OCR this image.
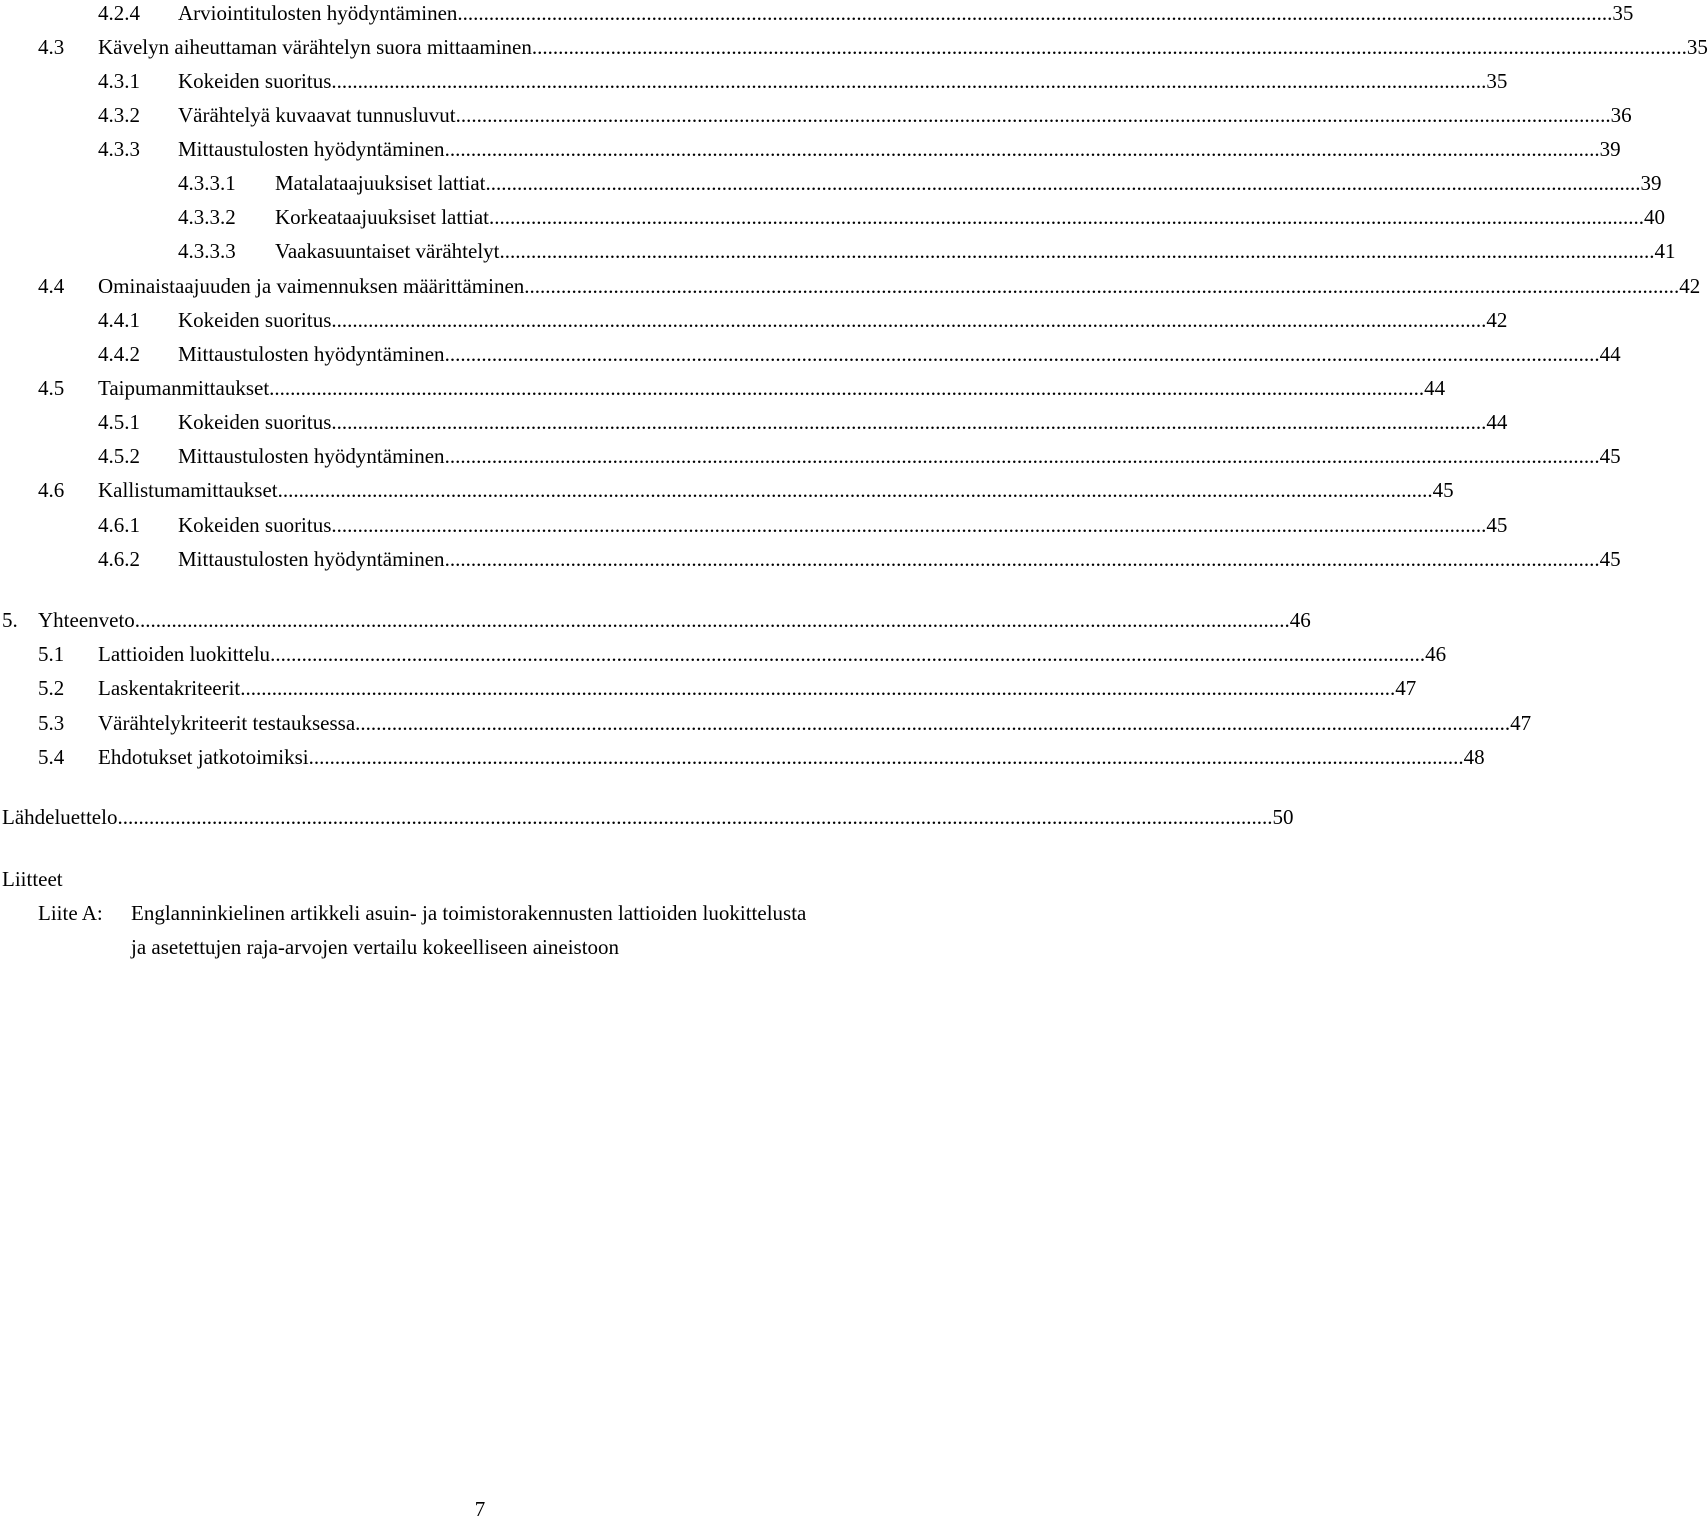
4.2.4 Arviointitulosten hyödyntäminen ............................................................................................................................................................................................................................ 35
4.3 Kävelyn aiheuttaman värähtelyn suora mittaaminen ............................................................................................................................................................................................................................ 35
4.3.1 Kokeiden suoritus ............................................................................................................................................................................................................................ 35
4.3.2 Värähtelyä kuvaavat tunnusluvut ............................................................................................................................................................................................................................ 36
4.3.3 Mittaustulosten hyödyntäminen ............................................................................................................................................................................................................................ 39
4.3.3.1 Matalataajuuksiset lattiat ............................................................................................................................................................................................................................ 39
4.3.3.2 Korkeataajuuksiset lattiat ............................................................................................................................................................................................................................ 40
4.3.3.3 Vaakasuuntaiset värähtelyt ............................................................................................................................................................................................................................ 41
4.4 Ominaistaajuuden ja vaimennuksen määrittäminen ............................................................................................................................................................................................................................ 42
4.4.1 Kokeiden suoritus ............................................................................................................................................................................................................................ 42
4.4.2 Mittaustulosten hyödyntäminen ............................................................................................................................................................................................................................ 44
4.5 Taipumanmittaukset ............................................................................................................................................................................................................................ 44
4.5.1 Kokeiden suoritus ............................................................................................................................................................................................................................ 44
4.5.2 Mittaustulosten hyödyntäminen ............................................................................................................................................................................................................................ 45
4.6 Kallistumamittaukset ............................................................................................................................................................................................................................ 45
4.6.1 Kokeiden suoritus ............................................................................................................................................................................................................................ 45
4.6.2 Mittaustulosten hyödyntäminen ............................................................................................................................................................................................................................ 45
5. Yhteenveto ............................................................................................................................................................................................................................ 46
5.1 Lattioiden luokittelu ............................................................................................................................................................................................................................ 46
5.2 Laskentakriteerit ............................................................................................................................................................................................................................ 47
5.3 Värähtelykriteerit testauksessa ............................................................................................................................................................................................................................ 47
5.4 Ehdotukset jatkotoimiksi ............................................................................................................................................................................................................................ 48
Lähdeluettelo ............................................................................................................................................................................................................................ 50
Liitteet
Liite A: Englanninkielinen artikkeli asuin- ja toimistorakennusten lattioiden luokittelusta
ja asetettujen raja-arvojen vertailu kokeelliseen aineistoon
7
